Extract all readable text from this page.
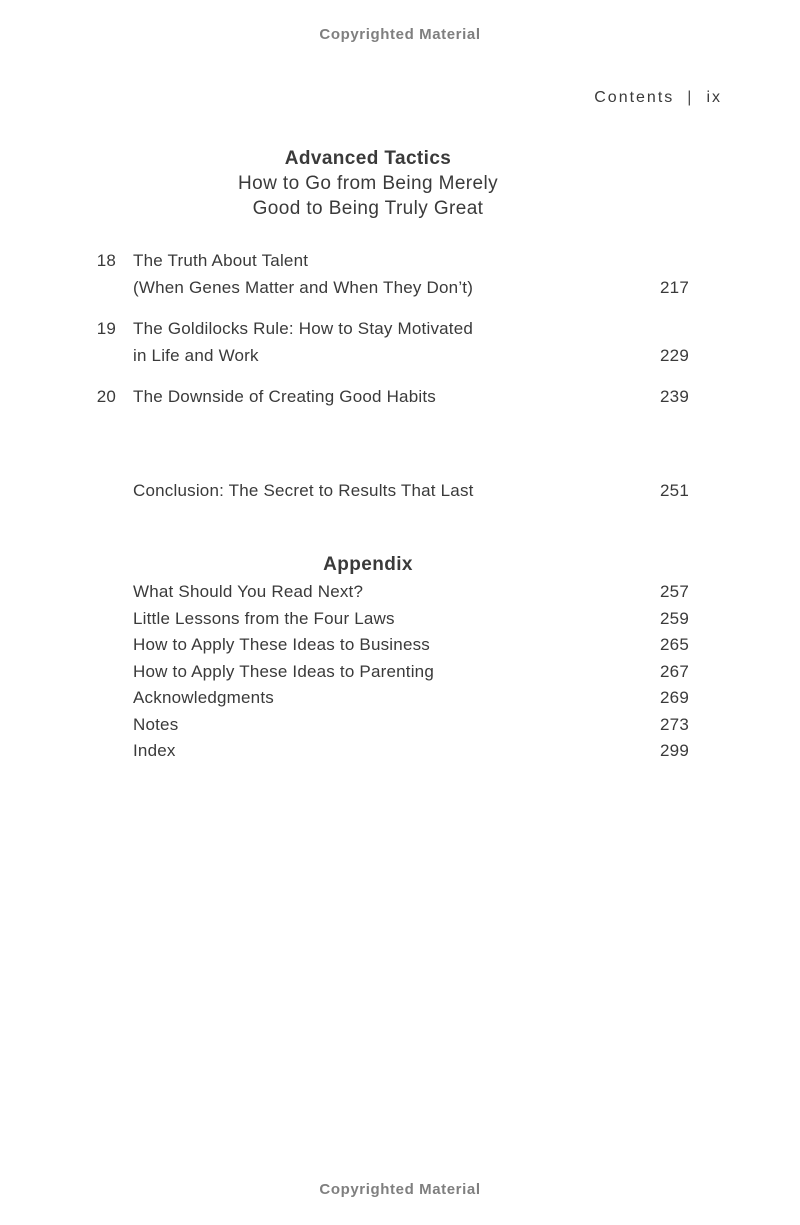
Copyrighted Material
Contents | ix
Advanced Tactics
How to Go from Being Merely
Good to Being Truly Great
18 The Truth About Talent
(When Genes Matter and When They Don’t)	217
19 The Goldilocks Rule: How to Stay Motivated
in Life and Work	229
20 The Downside of Creating Good Habits	239
Conclusion: The Secret to Results That Last	251
Appendix
What Should You Read Next?	257
Little Lessons from the Four Laws	259
How to Apply These Ideas to Business	265
How to Apply These Ideas to Parenting	267
Acknowledgments	269
Notes	273
Index	299
Copyrighted Material
